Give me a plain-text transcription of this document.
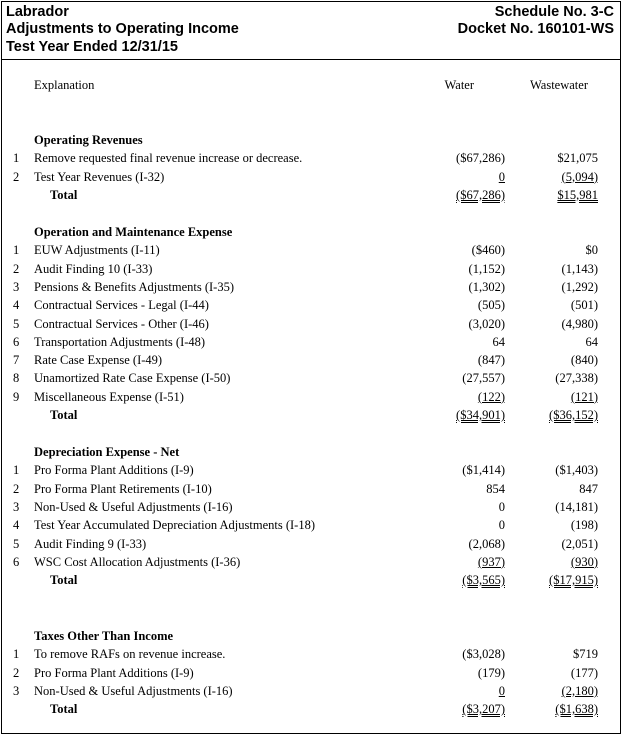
Labrador
Adjustments to Operating Income
Test Year Ended 12/31/15
Schedule No. 3-C
Docket No. 160101-WS
Explanation	Water	Wastewater
Operating Revenues
1 Remove requested final revenue increase or decrease.	($67,286)	$21,075
2 Test Year Revenues (I-32)	0	(5,094)
Total	($67,286)	$15,981
Operation and Maintenance Expense
1 EUW Adjustments (I-11)	($460)	$0
2 Audit Finding 10 (I-33)	(1,152)	(1,143)
3 Pensions & Benefits Adjustments (I-35)	(1,302)	(1,292)
4 Contractual Services - Legal (I-44)	(505)	(501)
5 Contractual Services - Other (I-46)	(3,020)	(4,980)
6 Transportation Adjustments (I-48)	64	64
7 Rate Case Expense (I-49)	(847)	(840)
8 Unamortized Rate Case Expense (I-50)	(27,557)	(27,338)
9 Miscellaneous Expense (I-51)	(122)	(121)
Total	($34,901)	($36,152)
Depreciation Expense - Net
1 Pro Forma Plant Additions (I-9)	($1,414)	($1,403)
2 Pro Forma Plant Retirements (I-10)	854	847
3 Non-Used & Useful Adjustments (I-16)	0	(14,181)
4 Test Year Accumulated Depreciation Adjustments (I-18)	0	(198)
5 Audit Finding 9 (I-33)	(2,068)	(2,051)
6 WSC Cost Allocation Adjustments (I-36)	(937)	(930)
Total	($3,565)	($17,915)
Taxes Other Than Income
1 To remove RAFs on revenue increase.	($3,028)	$719
2 Pro Forma Plant Additions (I-9)	(179)	(177)
3 Non-Used & Useful Adjustments (I-16)	0	(2,180)
Total	($3,207)	($1,638)
